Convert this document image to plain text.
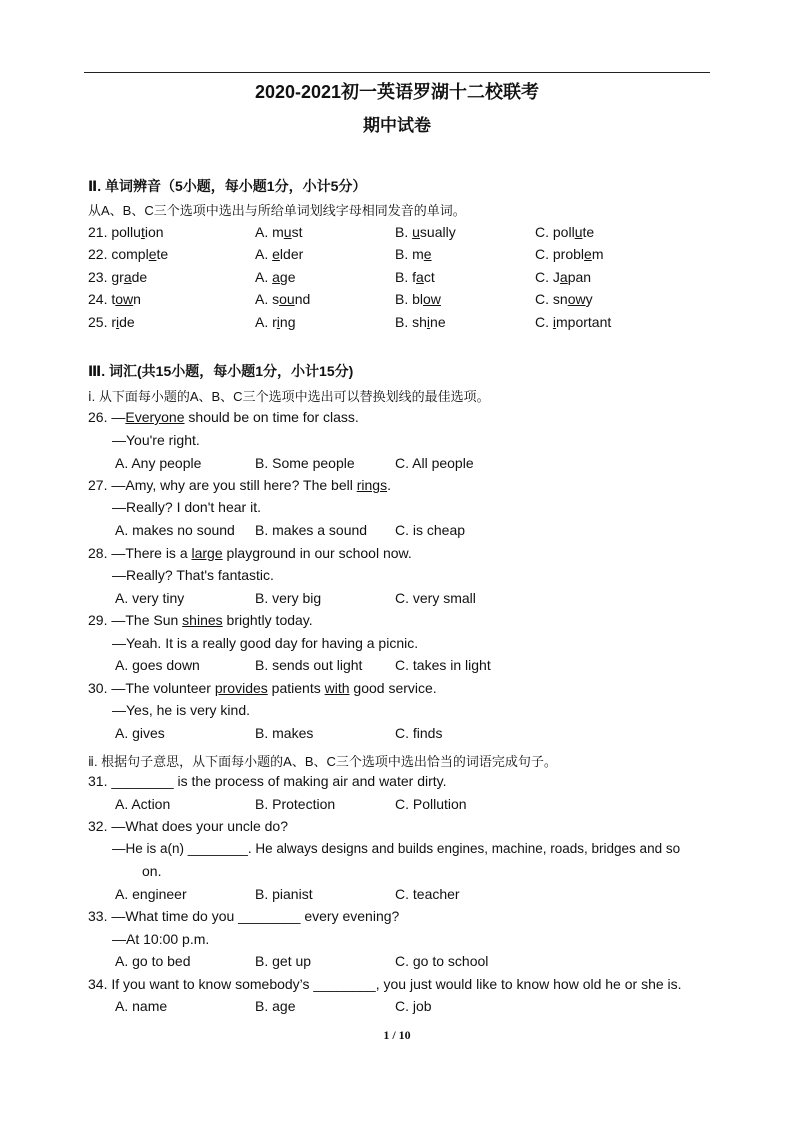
2020-2021初一英语罗湖十二校联考
期中试卷
Ⅱ. 单词辨音（5小题，每小题1分，小计5分）
从A、B、C三个选项中选出与所给单词划线字母相同发音的单词。
21. pollution	A. must	B. usually	C. pollute
22. complete	A. elder	B. me	C. problem
23. grade	A. age	B. fact	C. Japan
24. town	A. sound	B. blow	C. snowy
25. ride	A. ring	B. shine	C. important
Ⅲ. 词汇(共15小题，每小题1分，小计15分)
ⅰ. 从下面每小题的A、B、C三个选项中选出可以替换划线的最佳选项。
26. —Everyone should be on time for class.
—You're right.
A. Any people	B. Some people	C. All people
27. —Amy, why are you still here? The bell rings.
—Really? I don't hear it.
A. makes no sound B. makes a sound C. is cheap
28. —There is a large playground in our school now.
—Really? That's fantastic.
A. very tiny	B. very big	C. very small
29. —The Sun shines brightly today.
—Yeah. It is a really good day for having a picnic.
A. goes down	B. sends out light C. takes in light
30. —The volunteer provides patients with good service.
—Yes, he is very kind.
A. gives	B. makes	C. finds
ⅱ. 根据句子意思，从下面每小题的A、B、C三个选项中选出恰当的词语完成句子。
31. ________ is the process of making air and water dirty.
A. Action	B. Protection	C. Pollution
32. —What does your uncle do?
—He is a(n) ________. He always designs and builds engines, machine, roads, bridges and so
on.
A. engineer	B. pianist	C. teacher
33. —What time do you ________ every evening?
—At 10:00 p.m.
A. go to bed	B. get up	C. go to school
34. If you want to know somebody’s ________, you just would like to know how old he or she is.
A. name	B. age	C. job
1 / 10
